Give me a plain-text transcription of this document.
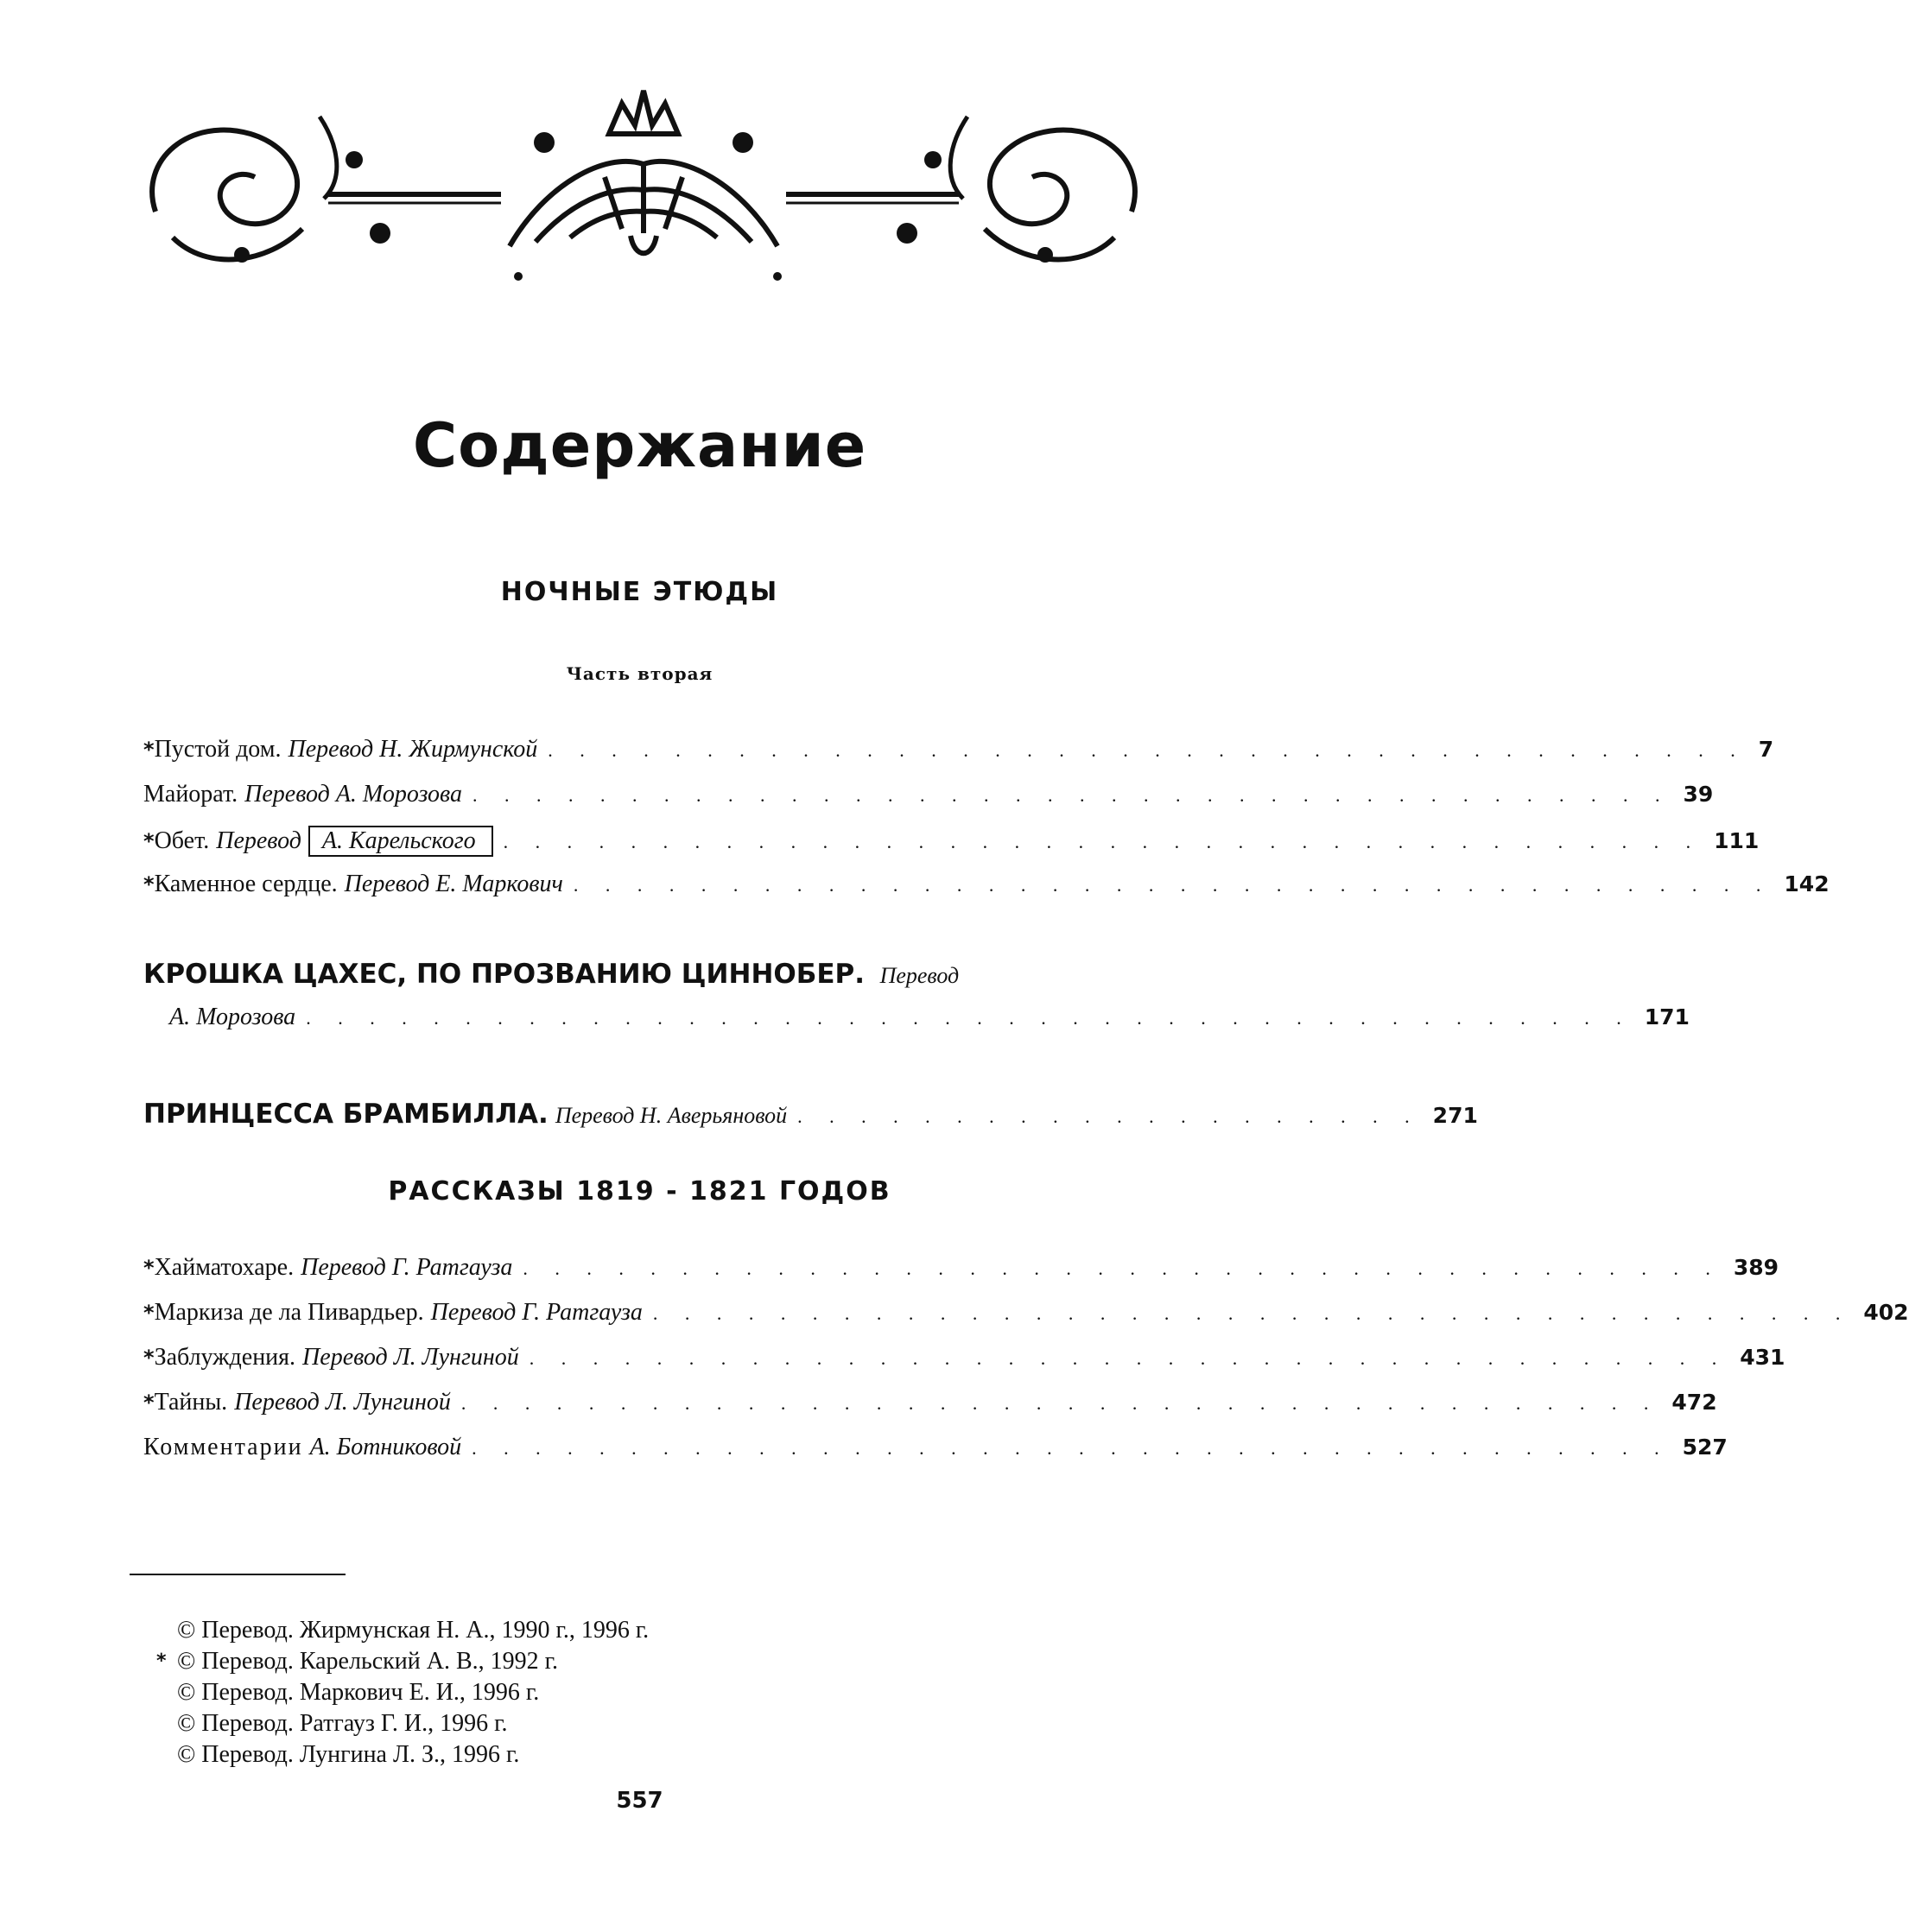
Содержание
НОЧНЫЕ ЭТЮДЫ
Часть вторая
* Пустой дом. Перевод Н. Жирмунской . . . . . . . . . . . . . . . . . . . . . . . . . . . . . . . . . . . . . . 7
Майорат. Перевод А. Морозова . . . . . . . . . . . . . . . . . . . . . . . . . . . . . . . . . . . . . . 39
* Обет. Перевод А. Карельского	. . . . . . . . . . . . . . . . . . . . . . . . . . . . . . . . . . . . . . 111
* Каменное сердце. Перевод Е. Маркович . . . . . . . . . . . . . . . . . . . . . . . . . . . . . . . . . . . . . . 142
КРОШКА ЦАХЕС, ПО ПРОЗВАНИЮ ЦИННОБЕР. Перевод
А. Морозова . . . . . . . . . . . . . . . . . . . . . . . . . . . . . . . . . . . . . . . . . . 171
ПРИНЦЕССА БРАМБИЛЛА. Перевод Н. Аверьяновой . . . . . . . . . . . . . . . . . . . . 271
РАССКАЗЫ 1819 - 1821 ГОДОВ
* Хайматохаре. Перевод Г. Ратгауза . . . . . . . . . . . . . . . . . . . . . . . . . . . . . . . . . . . . . . 389
* Маркиза де ла Пивардьер. Перевод Г. Ратгауза . . . . . . . . . . . . . . . . . . . . . . . . . . . . . . . . . . . . . . 402
* Заблуждения. Перевод Л. Лунгиной . . . . . . . . . . . . . . . . . . . . . . . . . . . . . . . . . . . . . . 431
* Тайны. Перевод Л. Лунгиной . . . . . . . . . . . . . . . . . . . . . . . . . . . . . . . . . . . . . . 472
Комментарии А. Ботниковой . . . . . . . . . . . . . . . . . . . . . . . . . . . . . . . . . . . . . . 527
© Перевод. Жирмунская Н. А., 1990 г., 1996 г.
* © Перевод. Карельский А. В., 1992 г.
© Перевод. Маркович Е. И., 1996 г.
© Перевод. Ратгауз Г. И., 1996 г.
© Перевод. Лунгина Л. З., 1996 г.
557
